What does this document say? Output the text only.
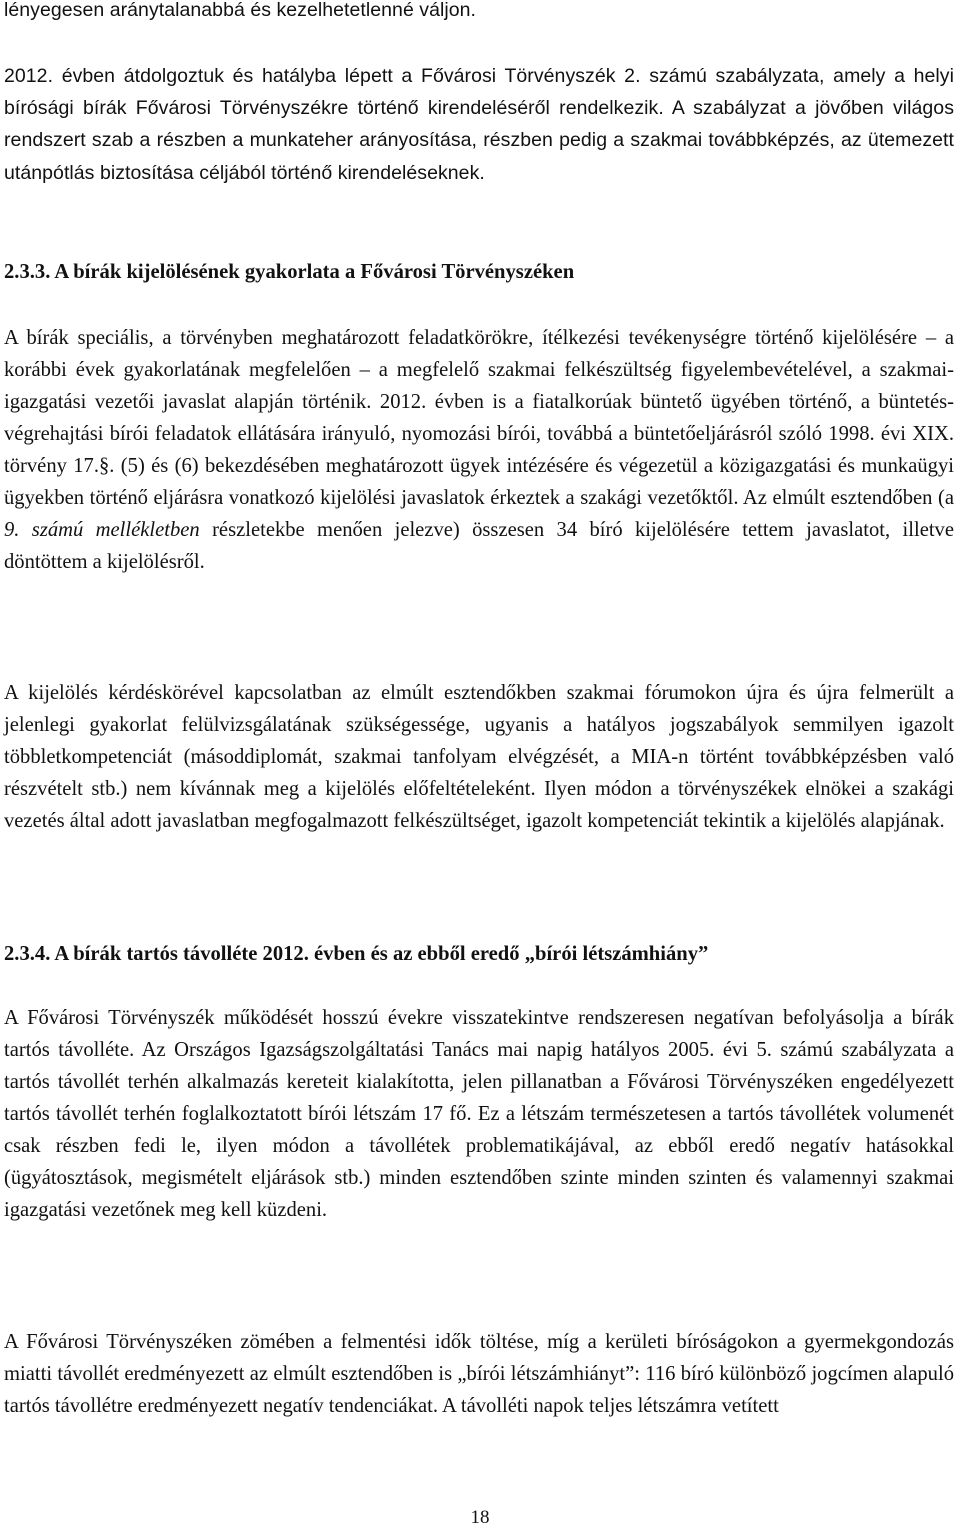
lényegesen aránytalanabbá és kezelhetetlenné váljon.

2012. évben átdolgoztuk és hatályba lépett a Fővárosi Törvényszék 2. számú szabályzata, amely a helyi bírósági bírák Fővárosi Törvényszékre történő kirendeléséről rendelkezik. A szabályzat a jövőben világos rendszert szab a részben a munkateher arányosítása, részben pedig a szakmai továbbképzés, az ütemezett utánpótlás biztosítása céljából történő kirendeléseknek.

2.3.3. A bírák kijelölésének gyakorlata a Fővárosi Törvényszéken

A bírák speciális, a törvényben meghatározott feladatkörökre, ítélkezési tevékenységre történő kijelölésére – a korábbi évek gyakorlatának megfelelően – a megfelelő szakmai felkészültség figyelembevételével, a szakmai-igazgatási vezetői javaslat alapján történik. 2012. évben is a fiatalkorúak büntető ügyében történő, a büntetés-végrehajtási bírói feladatok ellátására irányuló, nyomozási bírói, továbbá a büntetőeljárásról szóló 1998. évi XIX. törvény 17.§. (5) és (6) bekezdésében meghatározott ügyek intézésére és végezetül a közigazgatási és munkaügyi ügyekben történő eljárásra vonatkozó kijelölési javaslatok érkeztek a szakági vezetőktől. Az elmúlt esztendőben (a 9. számú mellékletben részletekbe menően jelezve) összesen 34 bíró kijelölésére tettem javaslatot, illetve döntöttem a kijelölésről.

A kijelölés kérdéskörével kapcsolatban az elmúlt esztendőkben szakmai fórumokon újra és újra felmerült a jelenlegi gyakorlat felülvizsgálatának szükségessége, ugyanis a hatályos jogszabályok semmilyen igazolt többletkompetenciát (másoddiplomát, szakmai tanfolyam elvégzését, a MIA-n történt továbbképzésben való részvételt stb.) nem kívánnak meg a kijelölés előfeltételeként. Ilyen módon a törvényszékek elnökei a szakági vezetés által adott javaslatban megfogalmazott felkészültséget, igazolt kompetenciát tekintik a kijelölés alapjának.

2.3.4. A bírák tartós távolléte 2012. évben és az ebből eredő „bírói létszámhiány”

A Fővárosi Törvényszék működését hosszú évekre visszatekintve rendszeresen negatívan befolyásolja a bírák tartós távolléte. Az Országos Igazságszolgáltatási Tanács mai napig hatályos 2005. évi 5. számú szabályzata a tartós távollét terhén alkalmazás kereteit kialakította, jelen pillanatban a Fővárosi Törvényszéken engedélyezett tartós távollét terhén foglalkoztatott bírói létszám 17 fő. Ez a létszám természetesen a tartós távollétek volumenét csak részben fedi le, ilyen módon a távollétek problematikájával, az ebből eredő negatív hatásokkal (ügyátosztások, megismételt eljárások stb.) minden esztendőben szinte minden szinten és valamennyi szakmai igazgatási vezetőnek meg kell küzdeni.

A Fővárosi Törvényszéken zömében a felmentési idők töltése, míg a kerületi bíróságokon a gyermekgondozás miatti távollét eredményezett az elmúlt esztendőben is „bírói létszámhiányt”: 116 bíró különböző jogcímen alapuló tartós távollétre eredményezett negatív tendenciákat. A távolléti napok teljes létszámra vetített

18
